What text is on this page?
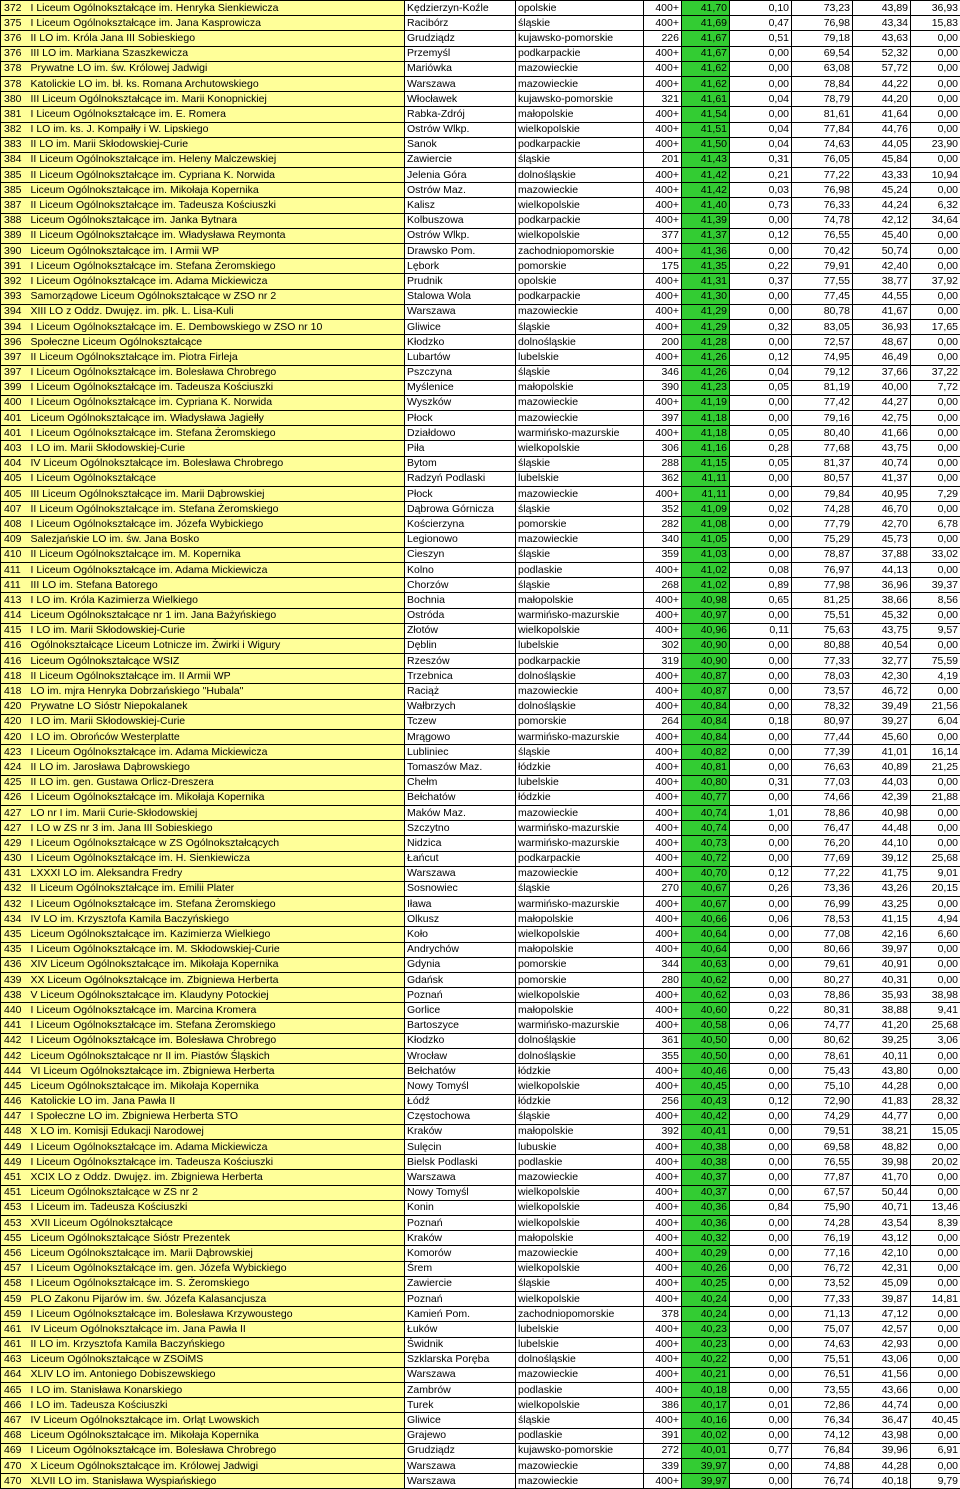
372	I Liceum Ogólnokształcące im. Henryka Sienkiewicza	Kędzierzyn-Koźle	opolskie	400+	41,70	0,10	73,23	43,89	36,93
375	I Liceum Ogólnokształcące im. Jana Kasprowicza	Racibórz	śląskie	400+	41,69	0,47	76,98	43,34	15,83
376	II LO im. Króla Jana III Sobieskiego	Grudziądz	kujawsko-pomorskie	226	41,67	0,51	79,18	43,63	0,00
376	III LO im. Markiana Szaszkewicza	Przemyśl	podkarpackie	400+	41,67	0,00	69,54	52,32	0,00
378	Prywatne LO im. św. Królowej Jadwigi	Mariówka	mazowieckie	400+	41,62	0,00	63,08	57,72	0,00
378	Katolickie LO im. bł. ks. Romana Archutowskiego	Warszawa	mazowieckie	400+	41,62	0,00	78,84	44,22	0,00
380	III Liceum Ogólnokształcące im. Marii Konopnickiej	Włocławek	kujawsko-pomorskie	321	41,61	0,04	78,79	44,20	0,00
381	I Liceum Ogólnokształcące im. E. Romera	Rabka-Zdrój	małopolskie	400+	41,54	0,00	81,61	41,64	0,00
382	I LO im. ks. J. Kompałły i W. Lipskiego	Ostrów Wlkp.	wielkopolskie	400+	41,51	0,04	77,84	44,76	0,00
383	II LO im. Marii Skłodowskiej-Curie	Sanok	podkarpackie	400+	41,50	0,04	74,63	44,05	23,90
384	II Liceum Ogólnokształcące im. Heleny Malczewskiej	Zawiercie	śląskie	201	41,43	0,31	76,05	45,84	0,00
385	II Liceum Ogólnokształcące im. Cypriana K. Norwida	Jelenia Góra	dolnośląskie	400+	41,42	0,21	77,22	43,33	10,94
385	Liceum Ogólnokształcące im. Mikołaja Kopernika	Ostrów Maz.	mazowieckie	400+	41,42	0,03	76,98	45,24	0,00
387	II Liceum Ogólnokształcące im. Tadeusza Kościuszki	Kalisz	wielkopolskie	400+	41,40	0,73	76,33	44,24	6,32
388	Liceum Ogólnokształcące im. Janka Bytnara	Kolbuszowa	podkarpackie	400+	41,39	0,00	74,78	42,12	34,64
389	II Liceum Ogólnokształcące im. Władysława Reymonta	Ostrów Wlkp.	wielkopolskie	377	41,37	0,12	76,55	45,40	0,00
390	Liceum Ogólnokształcące im. I Armii WP	Drawsko Pom.	zachodniopomorskie	400+	41,36	0,00	70,42	50,74	0,00
391	I Liceum Ogólnokształcące im. Stefana Żeromskiego	Lębork	pomorskie	175	41,35	0,22	79,91	42,40	0,00
392	I Liceum Ogólnokształcące im. Adama Mickiewicza	Prudnik	opolskie	400+	41,31	0,37	77,55	38,77	37,92
393	Samorządowe Liceum Ogólnokształcące w ZSO nr 2	Stalowa Wola	podkarpackie	400+	41,30	0,00	77,45	44,55	0,00
394	XIII LO z Oddz. Dwujęz. im. płk. L. Lisa-Kuli	Warszawa	mazowieckie	400+	41,29	0,00	80,78	41,67	0,00
394	I Liceum Ogólnokształcące im. E. Dembowskiego w ZSO nr 10	Gliwice	śląskie	400+	41,29	0,32	83,05	36,93	17,65
396	Społeczne Liceum Ogólnokształcące	Kłodzko	dolnośląskie	200	41,28	0,00	72,57	48,67	0,00
397	II Liceum Ogólnokształcące im. Piotra Firleja	Lubartów	lubelskie	400+	41,26	0,12	74,95	46,49	0,00
397	I Liceum Ogólnokształcące im. Bolesława Chrobrego	Pszczyna	śląskie	346	41,26	0,04	79,12	37,66	37,22
399	I Liceum Ogólnokształcące im. Tadeusza Kościuszki	Myślenice	małopolskie	390	41,23	0,05	81,19	40,00	7,72
400	I Liceum Ogólnokształcące im. Cypriana K. Norwida	Wyszków	mazowieckie	400+	41,19	0,00	77,42	44,27	0,00
401	Liceum Ogólnokształcące im. Władysława Jagiełły	Płock	mazowieckie	397	41,18	0,00	79,16	42,75	0,00
401	I Liceum Ogólnokształcące im. Stefana Żeromskiego	Działdowo	warmińsko-mazurskie	400+	41,18	0,05	80,40	41,66	0,00
403	I LO im. Marii Skłodowskiej-Curie	Piła	wielkopolskie	306	41,16	0,28	77,68	43,75	0,00
404	IV Liceum Ogólnokształcące im. Bolesława Chrobrego	Bytom	śląskie	288	41,15	0,05	81,37	40,74	0,00
405	I Liceum Ogólnokształcące	Radzyń Podlaski	lubelskie	362	41,11	0,00	80,57	41,37	0,00
405	III Liceum Ogólnokształcące im. Marii Dąbrowskiej	Płock	mazowieckie	400+	41,11	0,00	79,84	40,95	7,29
407	II Liceum Ogólnokształcące im. Stefana Żeromskiego	Dąbrowa Górnicza	śląskie	352	41,09	0,02	74,28	46,70	0,00
408	I Liceum Ogólnokształcące im. Józefa Wybickiego	Kościerzyna	pomorskie	282	41,08	0,00	77,79	42,70	6,78
409	Salezjańskie LO im. św. Jana Bosko	Legionowo	mazowieckie	340	41,05	0,00	75,29	45,73	0,00
410	II Liceum Ogólnokształcące im. M. Kopernika	Cieszyn	śląskie	359	41,03	0,00	78,87	37,88	33,02
411	I Liceum Ogólnokształcące im. Adama Mickiewicza	Kolno	podlaskie	400+	41,02	0,08	76,97	44,13	0,00
411	III LO im. Stefana Batorego	Chorzów	śląskie	268	41,02	0,89	77,98	36,96	39,37
413	I LO im. Króla Kazimierza Wielkiego	Bochnia	małopolskie	400+	40,98	0,65	81,25	38,66	8,56
414	Liceum Ogólnokształcące nr 1 im. Jana Bażyńskiego	Ostróda	warmińsko-mazurskie	400+	40,97	0,00	75,51	45,32	0,00
415	I LO im. Marii Skłodowskiej-Curie	Złotów	wielkopolskie	400+	40,96	0,11	75,63	43,75	9,57
416	Ogólnokształcące Liceum Lotnicze im. Żwirki i Wigury	Dęblin	lubelskie	302	40,90	0,00	80,88	40,54	0,00
416	Liceum Ogólnokształcące WSIZ	Rzeszów	podkarpackie	319	40,90	0,00	77,33	32,77	75,59
418	II Liceum Ogólnokształcące im. II Armii WP	Trzebnica	dolnośląskie	400+	40,87	0,00	78,03	42,30	4,19
418	LO im. mjra Henryka Dobrzańskiego "Hubala"	Raciąż	mazowieckie	400+	40,87	0,00	73,57	46,72	0,00
420	Prywatne LO Sióstr Niepokalanek	Wałbrzych	dolnośląskie	400+	40,84	0,00	78,32	39,49	21,56
420	I LO im. Marii Skłodowskiej-Curie	Tczew	pomorskie	264	40,84	0,18	80,97	39,27	6,04
420	I LO im. Obrońców Westerplatte	Mrągowo	warmińsko-mazurskie	400+	40,84	0,00	77,44	45,60	0,00
423	I Liceum Ogólnokształcące im. Adama Mickiewicza	Lubliniec	śląskie	400+	40,82	0,00	77,39	41,01	16,14
424	II LO im. Jarosława Dąbrowskiego	Tomaszów Maz.	łódzkie	400+	40,81	0,00	76,63	40,89	21,25
425	II LO im. gen. Gustawa Orlicz-Dreszera	Chełm	lubelskie	400+	40,80	0,31	77,03	44,03	0,00
426	I Liceum Ogólnokształcące im. Mikołaja Kopernika	Bełchatów	łódzkie	400+	40,77	0,00	74,66	42,39	21,88
427	LO nr I im. Marii Curie-Skłodowskiej	Maków Maz.	mazowieckie	400+	40,74	1,01	78,86	40,98	0,00
427	I LO w ZS nr 3 im. Jana III Sobieskiego	Szczytno	warmińsko-mazurskie	400+	40,74	0,00	76,47	44,48	0,00
429	I Liceum Ogólnokształcące w ZS Ogólnokształcących	Nidzica	warmińsko-mazurskie	400+	40,73	0,00	76,20	44,10	0,00
430	I Liceum Ogólnokształcące im. H. Sienkiewicza	Łańcut	podkarpackie	400+	40,72	0,00	77,69	39,12	25,68
431	LXXXI LO im. Aleksandra Fredry	Warszawa	mazowieckie	400+	40,70	0,12	77,22	41,75	9,01
432	II Liceum Ogólnokształcące im. Emilii Plater	Sosnowiec	śląskie	270	40,67	0,26	73,36	43,26	20,15
432	I Liceum Ogólnokształcące im. Stefana Żeromskiego	Iława	warmińsko-mazurskie	400+	40,67	0,00	76,99	43,25	0,00
434	IV LO im. Krzysztofa Kamila Baczyńskiego	Olkusz	małopolskie	400+	40,66	0,06	78,53	41,15	4,94
435	Liceum Ogólnokształcące im. Kazimierza Wielkiego	Koło	wielkopolskie	400+	40,64	0,00	77,08	42,16	6,60
435	I Liceum Ogólnokształcące im. M. Skłodowskiej-Curie	Andrychów	małopolskie	400+	40,64	0,00	80,66	39,97	0,00
436	XIV Liceum Ogólnokształcące im. Mikołaja Kopernika	Gdynia	pomorskie	344	40,63	0,00	79,61	40,91	0,00
439	XX Liceum Ogólnokształcące im. Zbigniewa Herberta	Gdańsk	pomorskie	280	40,62	0,00	80,27	40,31	0,00
438	V Liceum Ogólnokształcące im. Klaudyny Potockiej	Poznań	wielkopolskie	400+	40,62	0,03	78,86	35,93	38,98
440	I Liceum Ogólnokształcące im. Marcina Kromera	Gorlice	małopolskie	400+	40,60	0,22	80,31	38,88	9,41
441	I Liceum Ogólnokształcące im. Stefana Żeromskiego	Bartoszyce	warmińsko-mazurskie	400+	40,58	0,06	74,77	41,20	25,68
442	I Liceum Ogólnokształcące im. Bolesława Chrobrego	Kłodzko	dolnośląskie	361	40,50	0,00	80,62	39,25	3,06
442	Liceum Ogólnokształcące nr II im. Piastów Śląskich	Wrocław	dolnośląskie	355	40,50	0,00	78,61	40,11	0,00
444	VI Liceum Ogólnokształcące im. Zbigniewa Herberta	Bełchatów	łódzkie	400+	40,46	0,00	75,43	43,80	0,00
445	Liceum Ogólnokształcące im. Mikołaja Kopernika	Nowy Tomyśl	wielkopolskie	400+	40,45	0,00	75,10	44,28	0,00
446	Katolickie LO im. Jana Pawła II	Łódź	łódzkie	256	40,43	0,12	72,90	41,83	28,32
447	I Społeczne LO im. Zbigniewa Herberta STO	Częstochowa	śląskie	400+	40,42	0,00	74,29	44,77	0,00
448	X LO im. Komisji Edukacji Narodowej	Kraków	małopolskie	392	40,41	0,00	79,51	38,21	15,05
449	I Liceum Ogólnokształcące im. Adama Mickiewicza	Sulęcin	lubuskie	400+	40,38	0,00	69,58	48,82	0,00
449	I Liceum Ogólnokształcące im. Tadeusza Kościuszki	Bielsk Podlaski	podlaskie	400+	40,38	0,00	76,55	39,98	20,02
451	XCIX LO z Oddz. Dwujęz. im. Zbigniewa Herberta	Warszawa	mazowieckie	400+	40,37	0,00	77,87	41,70	0,00
451	Liceum Ogólnokształcące w ZS nr 2	Nowy Tomyśl	wielkopolskie	400+	40,37	0,00	67,57	50,44	0,00
453	I Liceum im. Tadeusza Kościuszki	Konin	wielkopolskie	400+	40,36	0,84	75,90	40,71	13,46
453	XVII Liceum Ogólnokształcące	Poznań	wielkopolskie	400+	40,36	0,00	74,28	43,54	8,39
455	Liceum Ogólnokształcące Sióstr Prezentek	Kraków	małopolskie	400+	40,32	0,00	76,19	43,12	0,00
456	Liceum Ogólnokształcące im. Marii Dąbrowskiej	Komorów	mazowieckie	400+	40,29	0,00	77,16	42,10	0,00
457	I Liceum Ogólnokształcące im. gen. Józefa Wybickiego	Śrem	wielkopolskie	400+	40,26	0,00	76,72	42,31	0,00
458	I Liceum Ogólnokształcące im. S. Żeromskiego	Zawiercie	śląskie	400+	40,25	0,00	73,52	45,09	0,00
459	PLO Zakonu Pijarów im. św. Józefa Kalasancjusza	Poznań	wielkopolskie	400+	40,24	0,00	77,33	39,87	14,81
459	I Liceum Ogólnokształcące im. Bolesława Krzywoustego	Kamień Pom.	zachodniopomorskie	378	40,24	0,00	71,13	47,12	0,00
461	IV Liceum Ogólnokształcące im. Jana Pawła II	Łuków	lubelskie	400+	40,23	0,00	75,07	42,57	0,00
461	II LO im. Krzysztofa Kamila Baczyńskiego	Świdnik	lubelskie	400+	40,23	0,00	74,63	42,93	0,00
463	Liceum Ogólnokształcące w ZSOiMS	Szklarska Poręba	dolnośląskie	400+	40,22	0,00	75,51	43,06	0,00
464	XLIV LO im. Antoniego Dobiszewskiego	Warszawa	mazowieckie	400+	40,21	0,00	76,51	41,56	0,00
465	I LO im. Stanisława Konarskiego	Zambrów	podlaskie	400+	40,18	0,00	73,55	43,66	0,00
466	I LO im. Tadeusza Kościuszki	Turek	wielkopolskie	386	40,17	0,01	72,86	44,74	0,00
467	IV Liceum Ogólnokształcące im. Orląt Lwowskich	Gliwice	śląskie	400+	40,16	0,00	76,34	36,47	40,45
468	Liceum Ogólnokształcące im. Mikołaja Kopernika	Grajewo	podlaskie	391	40,02	0,00	74,12	43,98	0,00
469	I Liceum Ogólnokształcące im. Bolesława Chrobrego	Grudziądz	kujawsko-pomorskie	272	40,01	0,77	76,84	39,96	6,91
470	X Liceum Ogólnokształcące im. Królowej Jadwigi	Warszawa	mazowieckie	339	39,97	0,00	74,88	44,28	0,00
470	XLVII LO im. Stanisława Wyspiańskiego	Warszawa	mazowieckie	400+	39,97	0,00	76,74	40,18	9,79
